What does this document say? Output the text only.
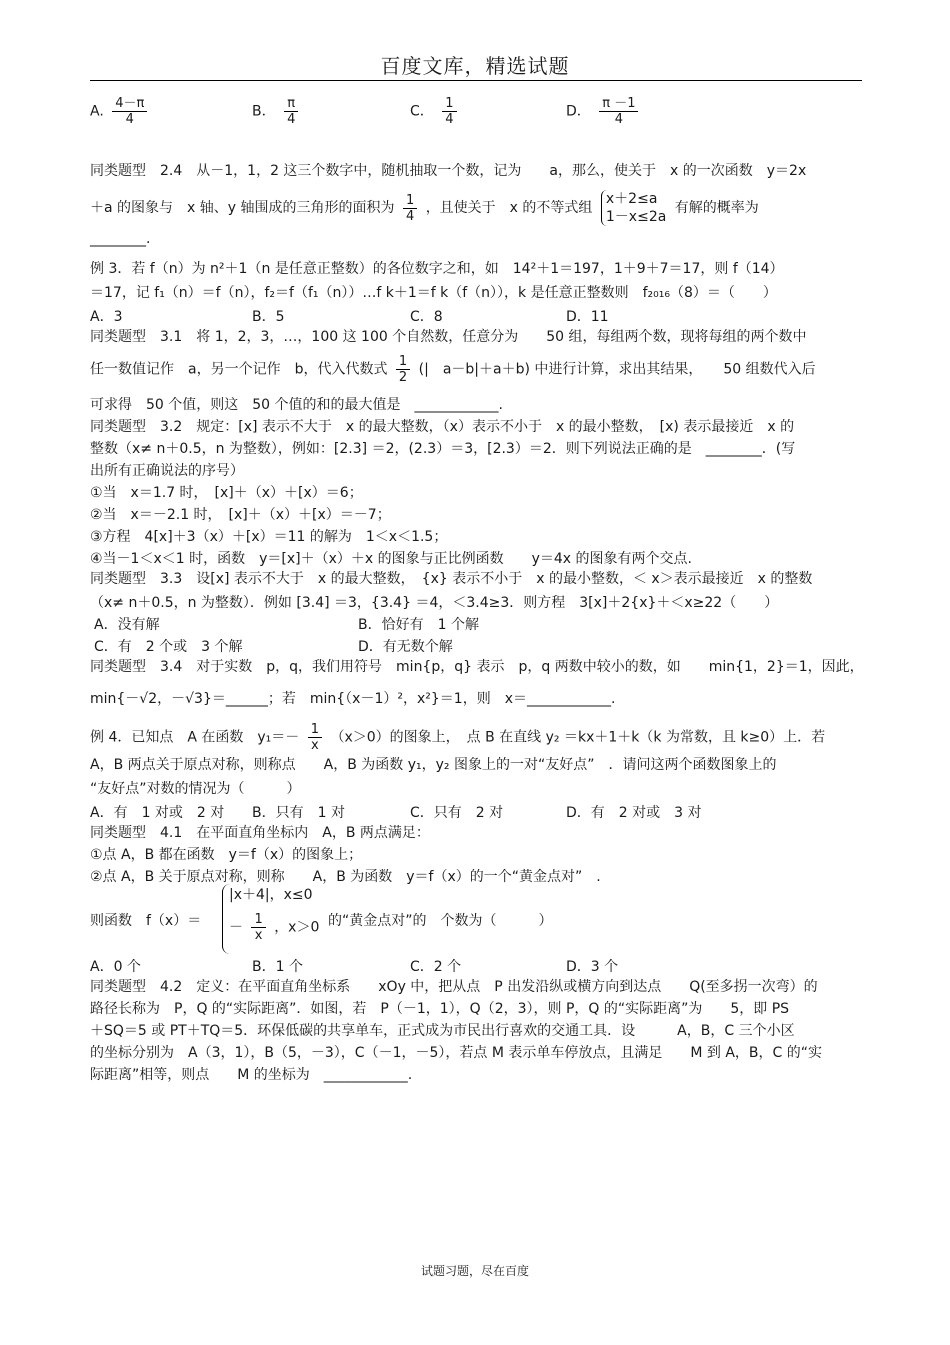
百度文库，精选试题
A. $\frac{4-\pi}{4}$	B． $\frac{\pi}{4}$	C． $\frac{1}{4}$	D． $\frac{\pi -1}{4}$
同类题型　2.4　从－1，1，2 这三个数字中，随机抽取一个数，记为　　a，那么，使关于　x 的一次函数　y＝2x
＋a 的图象与　x 轴、y 轴围成的三角形的面积为 $\frac{1}{4}$ ，且使关于　x 的不等式组
x＋2≤a
1－x≤2a
有解的概率为
________.
例 3．若 f（n）为 n²＋1（n 是任意正整数）的各位数字之和，如　14²＋1＝197，1＋9＋7＝17，则 f（14）
＝17，记 f₁（n）＝f（n），f₂＝f（f₁（n））…f k＋1＝f k（f（n）），k 是任意正整数则　f₂₀₁₆（8）＝（　　）
A．3	B．5	C．8	D．11
同类题型　3.1　将 1，2，3，…，100 这 100 个自然数，任意分为　　50 组，每组两个数，现将每组的两个数中
任一数值记作　a，另一个记作　b，代入代数式 $\frac{1}{2}$ (|　a－b|＋a＋b) 中进行计算，求出其结果，　　50 组数代入后
可求得　50 个值，则这　50 个值的和的最大值是　____________.
同类题型　3.2　规定：[x] 表示不大于　x 的最大整数，（x）表示不小于　x 的最小整数，　[x) 表示最接近　x 的
整数（x≠ n＋0.5，n 为整数），例如：[2.3] ＝2，(2.3）＝3，[2.3）＝2．则下列说法正确的是　________．(写
出所有正确说法的序号）
①当　x＝1.7 时，　[x]＋（x）＋[x）＝6；
②当　x＝－2.1 时，　[x]＋（x）＋[x）＝－7；
③方程　4[x]＋3（x）＋[x）＝11 的解为　1＜x＜1.5；
④当－1＜x＜1 时，函数　y＝[x]＋（x）＋x 的图象与正比例函数　　y＝4x 的图象有两个交点.
同类题型　3.3　设[x] 表示不大于　x 的最大整数，　{x} 表示不小于　x 的最小整数，＜ x＞表示最接近　x 的整数
（x≠ n＋0.5，n 为整数）．例如 [3.4] ＝3，{3.4} ＝4，＜3.4≥3．则方程　3[x]＋2{x}＋＜x≥22（　　）
A．没有解	B．恰好有　1 个解
C．有　2 个或　3 个解	D．有无数个解
同类题型　3.4　对于实数　p，q，我们用符号　min{p，q} 表示　p，q 两数中较小的数，如　　min{1，2}＝1，因此，
min{－√2，－√3}＝______；若　min{（x－1）²，x²}＝1，则　x＝____________.
例 4．已知点　A 在函数　$y_1=- \frac{1}{x} (x>0)$的图象上，　点 B 在直线 y₂ ＝kx＋1＋k（k 为常数，且 k≥0）上．若
A，B 两点关于原点对称，则称点　　A，B 为函数 y₁，y₂ 图象上的一对“友好点”　．请问这两个函数图象上的
“友好点”对数的情况为（　　　）
A．有　1 对或　2 对 B．只有　1 对	C．只有　2 对	D．有　2 对或　3 对
同类题型　4.1　在平面直角坐标内　A，B 两点满足：
①点 A，B 都在函数　y＝f（x）的图象上；
②点 A，B 关于原点对称，则称　　A，B 为函数　y＝f（x）的一个“黄金点对”　.
则函数　f（x）＝
|x＋4|，x≤0
－ $\frac{1}{x}$ ，x＞0 的“黄金点对”的　个数为（　　　）
A．0 个	B．1 个	C．2 个	D．3 个
同类题型　4.2　定义：在平面直角坐标系　　xOy 中，把从点　P 出发沿纵或横方向到达点　　Q(至多拐一次弯）的
路径长称为　P，Q 的“实际距离”．如图，若　P（－1，1），Q（2，3），则 P，Q 的“实际距离”为　　5，即 PS
＋SQ＝5 或 PT＋TQ＝5．环保低碳的共享单车，正式成为市民出行喜欢的交通工具．设　　　A，B，C 三个小区
的坐标分别为　A（3，1），B（5，－3），C（－1，－5），若点 M 表示单车停放点，且满足　　M 到 A，B，C 的“实
际距离”相等，则点　　M 的坐标为　____________.
试题习题，尽在百度
